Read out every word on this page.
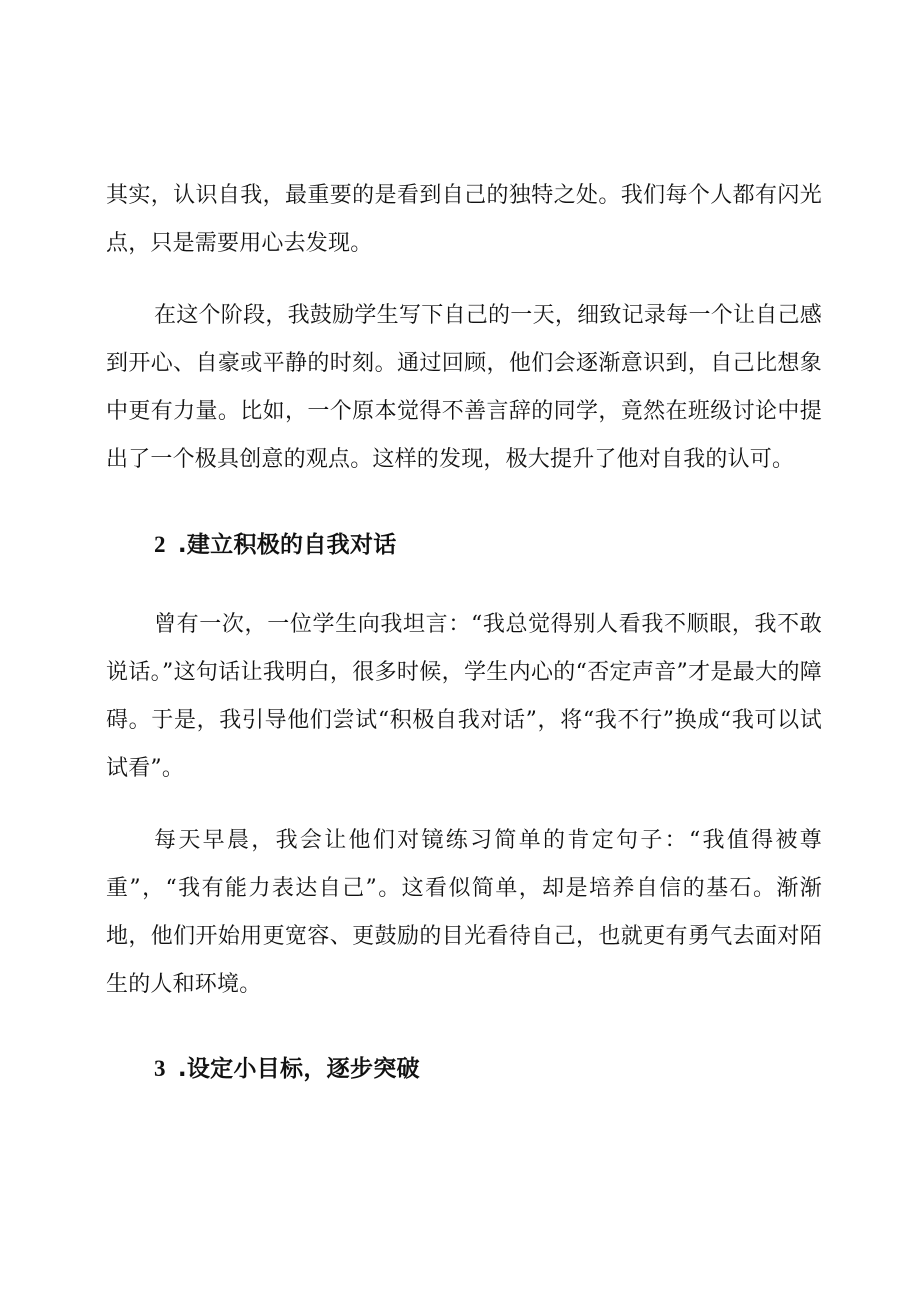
其实，认识自我，最重要的是看到自己的独特之处。我们每个人都有闪光点，只是需要用心去发现。

在这个阶段，我鼓励学生写下自己的一天，细致记录每一个让自己感到开心、自豪或平静的时刻。通过回顾，他们会逐渐意识到，自己比想象中更有力量。比如，一个原本觉得不善言辞的同学，竟然在班级讨论中提出了一个极具创意的观点。这样的发现，极大提升了他对自我的认可。

2 .建立积极的自我对话

曾有一次，一位学生向我坦言：“我总觉得别人看我不顺眼，我不敢说话。”这句话让我明白，很多时候，学生内心的“否定声音”才是最大的障碍。于是，我引导他们尝试“积极自我对话”，将“我不行”换成“我可以试试看”。

每天早晨，我会让他们对镜练习简单的肯定句子：“我值得被尊重”，“我有能力表达自己”。这看似简单，却是培养自信的基石。渐渐地，他们开始用更宽容、更鼓励的目光看待自己，也就更有勇气去面对陌生的人和环境。

3 .设定小目标，逐步突破
